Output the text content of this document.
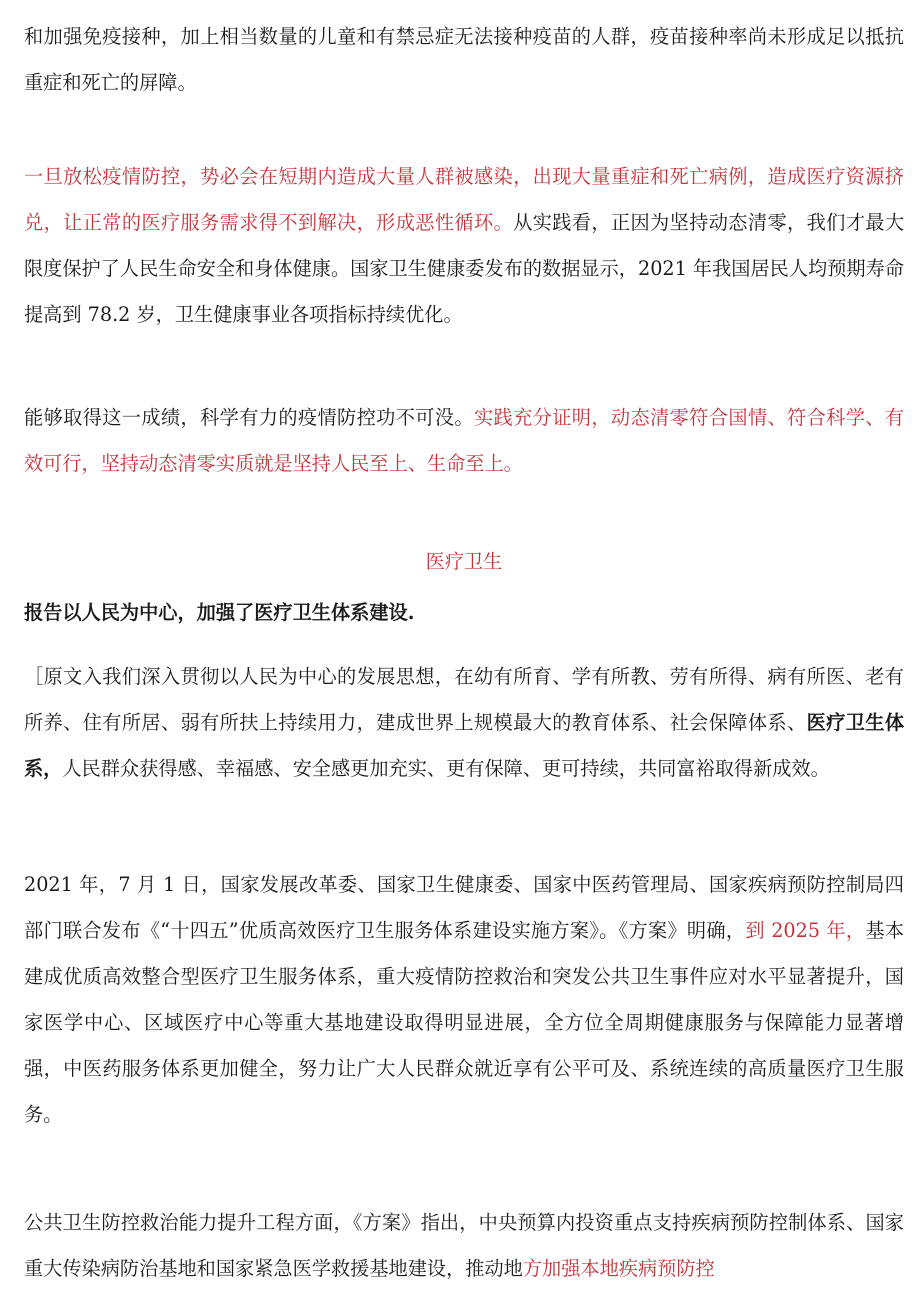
和加强免疫接种，加上相当数量的儿童和有禁忌症无法接种疫苗的人群，疫苗接种率尚未形成足以抵抗重症和死亡的屏障。

一旦放松疫情防控，势必会在短期内造成大量人群被感染，出现大量重症和死亡病例，造成医疗资源挤兑，让正常的医疗服务需求得不到解决，形成恶性循环。从实践看，正因为坚持动态清零，我们才最大限度保护了人民生命安全和身体健康。国家卫生健康委发布的数据显示，2021 年我国居民人均预期寿命提高到 78.2 岁，卫生健康事业各项指标持续优化。

能够取得这一成绩，科学有力的疫情防控功不可没。实践充分证明，动态清零符合国情、符合科学、有效可行，坚持动态清零实质就是坚持人民至上、生命至上。

医疗卫生

报告以人民为中心，加强了医疗卫生体系建设.

［原文入我们深入贯彻以人民为中心的发展思想，在幼有所育、学有所教、劳有所得、病有所医、老有所养、住有所居、弱有所扶上持续用力，建成世界上规模最大的教育体系、社会保障体系、医疗卫生体系，人民群众获得感、幸福感、安全感更加充实、更有保障、更可持续，共同富裕取得新成效。

2021 年，7 月 1 日，国家发展改革委、国家卫生健康委、国家中医药管理局、国家疾病预防控制局四部门联合发布《“十四五”优质高效医疗卫生服务体系建设实施方案》。《方案》明确，到 2025 年，基本建成优质高效整合型医疗卫生服务体系，重大疫情防控救治和突发公共卫生事件应对水平显著提升，国家医学中心、区域医疗中心等重大基地建设取得明显进展，全方位全周期健康服务与保障能力显著增强，中医药服务体系更加健全，努力让广大人民群众就近享有公平可及、系统连续的高质量医疗卫生服务。

公共卫生防控救治能力提升工程方面，《方案》指出，中央预算内投资重点支持疾病预防控制体系、国家重大传染病防治基地和国家紧急医学救援基地建设，推动地方加强本地疾病预防控
